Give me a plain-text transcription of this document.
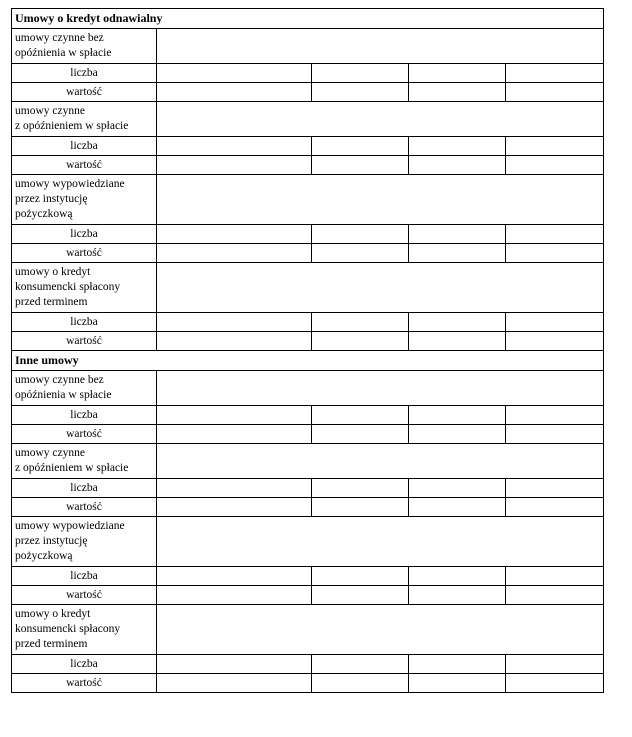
Umowy o kredyt odnawialny				
umowy czynne bez
opóźnienia w spłacie				
liczba				
wartość				
umowy czynne
z opóźnieniem w spłacie				
liczba				
wartość				
umowy wypowiedziane
przez instytucję
pożyczkową				
liczba				
wartość				
umowy o kredyt
konsumencki spłacony
przed terminem				
liczba				
wartość				
Inne umowy				
umowy czynne bez
opóźnienia w spłacie				
liczba				
wartość				
umowy czynne
z opóźnieniem w spłacie				
liczba				
wartość				
umowy wypowiedziane
przez instytucję
pożyczkową				
liczba				
wartość				
umowy o kredyt
konsumencki spłacony
przed terminem				
liczba				
wartość				
